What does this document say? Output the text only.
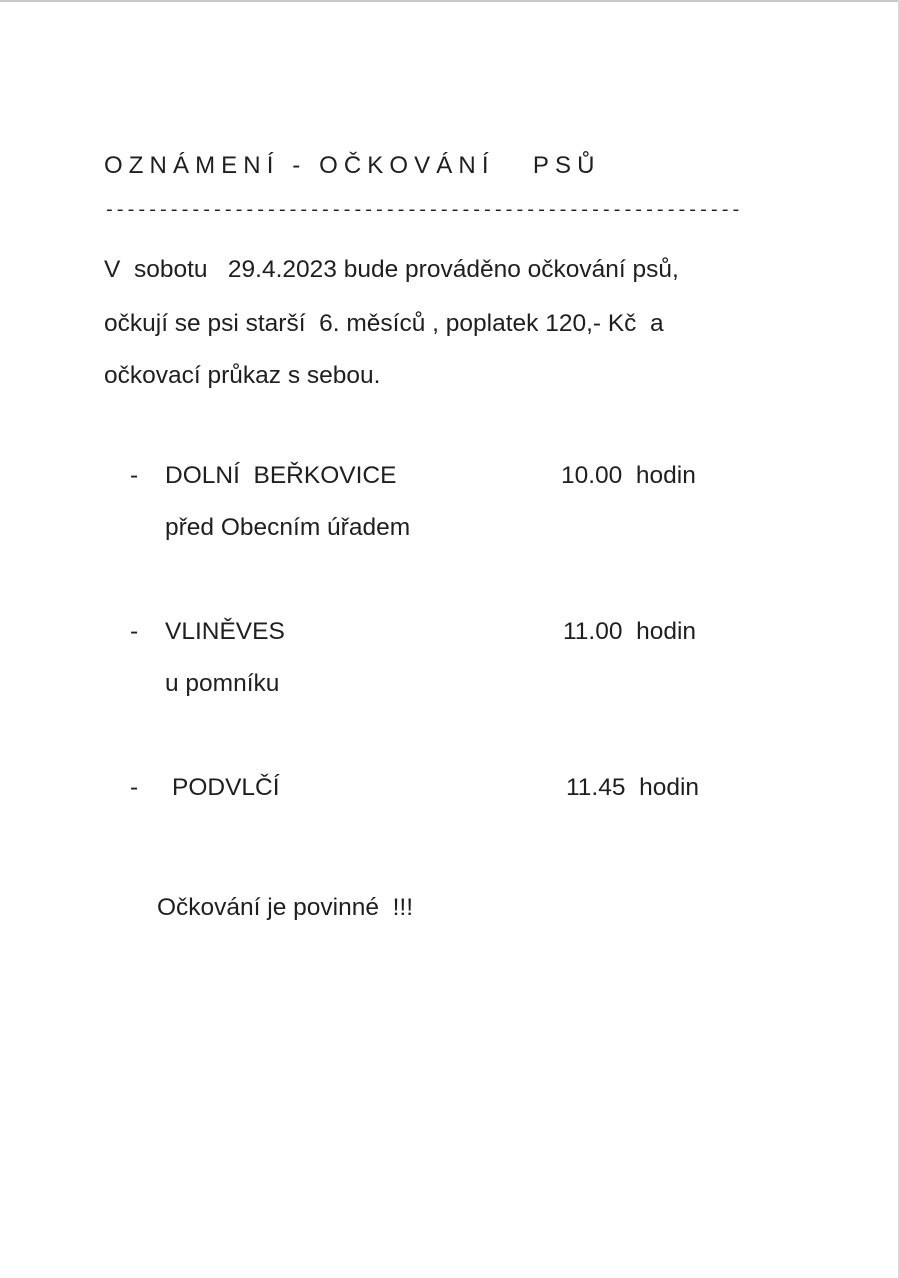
OZNÁMENÍ - OČKOVÁNÍ   PSŮ
-----------------------------------------------------------
V  sobotu   29.4.2023 bude prováděno očkování psů,
očkují se psi starší  6. měsíců , poplatek 120,- Kč  a
očkovací průkaz s sebou.
- DOLNÍ  BEŘKOVICE	10.00  hodin
před Obecním úřadem
- VLINĚVES	11.00  hodin
u pomníku
- PODVLČÍ	11.45  hodin
Očkování je povinné  !!!
